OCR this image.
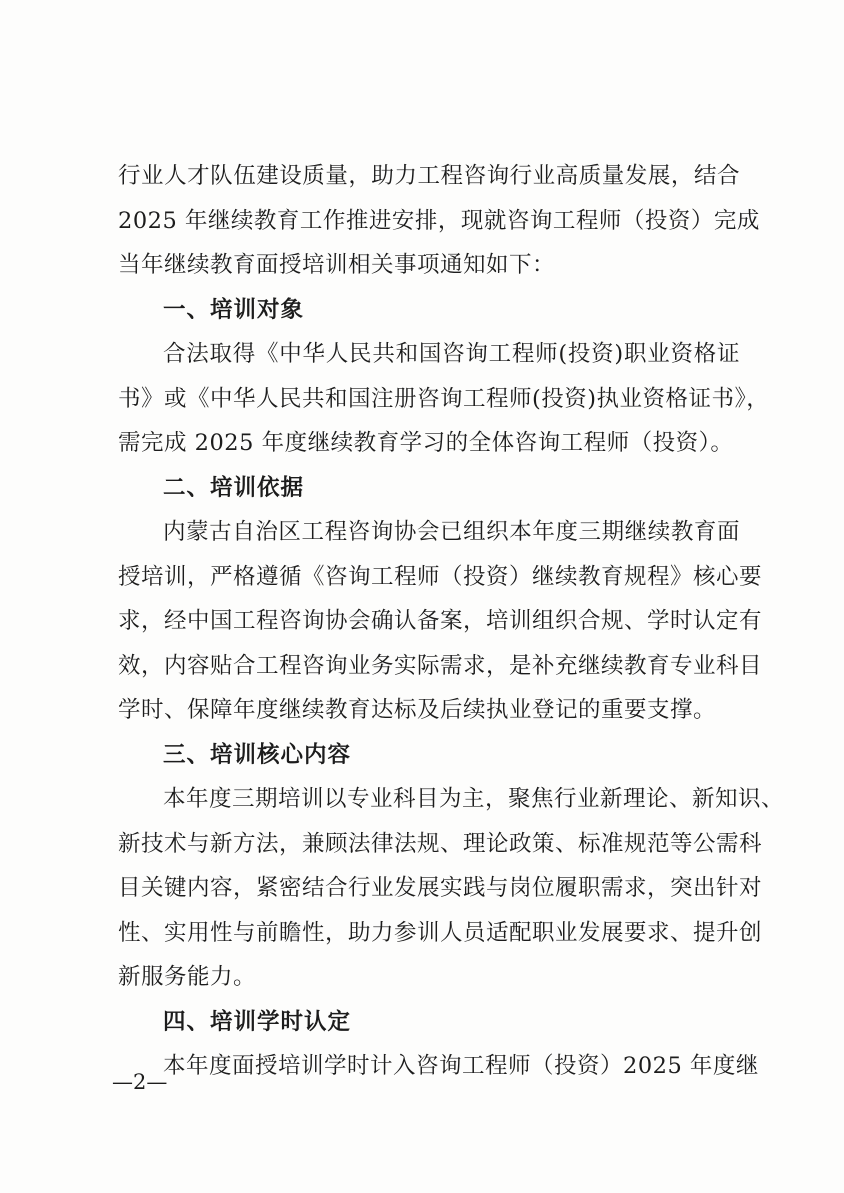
行业人才队伍建设质量，助力工程咨询行业高质量发展，结合
2025 年继续教育工作推进安排，现就咨询工程师（投资）完成
当年继续教育面授培训相关事项通知如下：
一、培训对象
合法取得《中华人民共和国咨询工程师(投资)职业资格证
书》或《中华人民共和国注册咨询工程师(投资)执业资格证书》，
需完成 2025 年度继续教育学习的全体咨询工程师（投资）。
二、培训依据
内蒙古自治区工程咨询协会已组织本年度三期继续教育面
授培训，严格遵循《咨询工程师（投资）继续教育规程》核心要
求，经中国工程咨询协会确认备案，培训组织合规、学时认定有
效，内容贴合工程咨询业务实际需求，是补充继续教育专业科目
学时、保障年度继续教育达标及后续执业登记的重要支撑。
三、培训核心内容
本年度三期培训以专业科目为主，聚焦行业新理论、新知识、
新技术与新方法，兼顾法律法规、理论政策、标准规范等公需科
目关键内容，紧密结合行业发展实践与岗位履职需求，突出针对
性、实用性与前瞻性，助力参训人员适配职业发展要求、提升创
新服务能力。
四、培训学时认定
本年度面授培训学时计入咨询工程师（投资）2025 年度继
—2—
